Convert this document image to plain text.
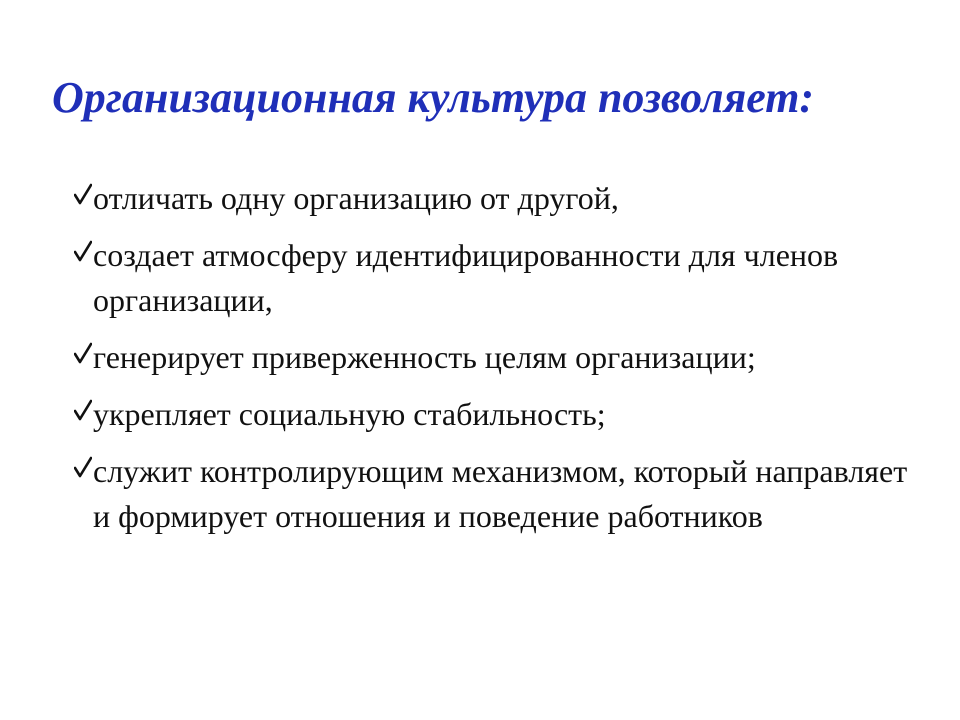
Организационная культура позволяет:
отличать одну организацию от другой,
создает атмосферу идентифицированности для членов организации,
генерирует приверженность целям организации;
укрепляет социальную стабильность;
служит контролирующим механизмом, который направляет и формирует отношения и поведение работников
